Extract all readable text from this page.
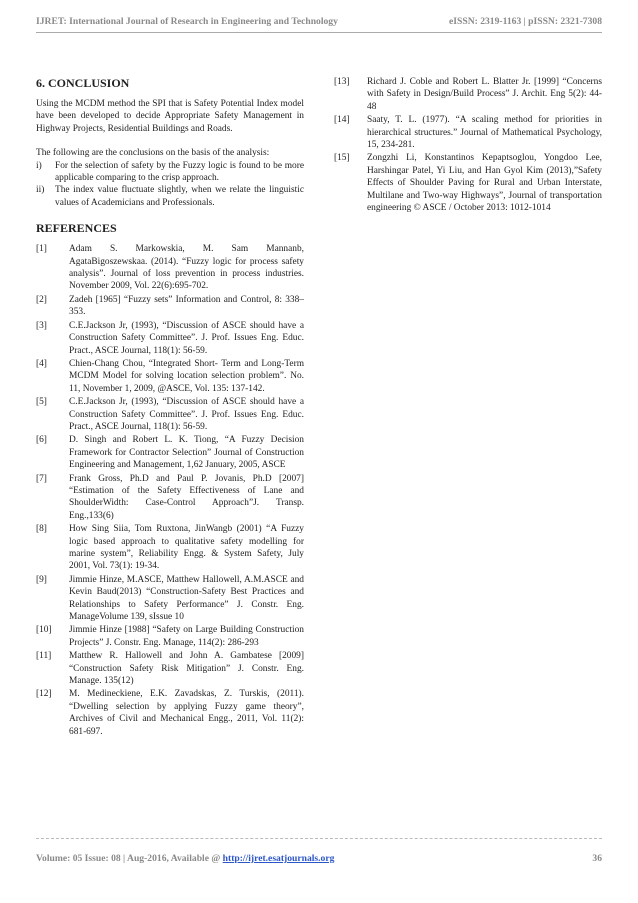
IJRET: International Journal of Research in Engineering and Technology	eISSN: 2319-1163 | pISSN: 2321-7308
6. CONCLUSION

Using the MCDM method the SPI that is Safety Potential Index model have been developed to decide Appropriate Safety Management in Highway Projects, Residential Buildings and Roads.

The following are the conclusions on the basis of the analysis:

i) For the selection of safety by the Fuzzy logic is found to be more applicable comparing to the crisp approach.
ii) The index value fluctuate slightly, when we relate the linguistic values of Academicians and Professionals.
REFERENCES
[1] Adam S. Markowskia, M. Sam Mannanb, AgataBigoszewskaa. (2014). “Fuzzy logic for process safety analysis”. Journal of loss prevention in process industries. November 2009, Vol. 22(6):695-702.
[2] Zadeh [1965] “Fuzzy sets” Information and Control, 8: 338–353.
[3] C.E.Jackson Jr, (1993), “Discussion of ASCE should have a Construction Safety Committee”. J. Prof. Issues Eng. Educ. Pract., ASCE Journal, 118(1): 56-59.
[4] Chien-Chang Chou, “Integrated Short- Term and Long-Term MCDM Model for solving location selection problem”. No. 11, November 1, 2009, @ASCE, Vol. 135: 137-142.
[5] C.E.Jackson Jr, (1993), “Discussion of ASCE should have a Construction Safety Committee”. J. Prof. Issues Eng. Educ. Pract., ASCE Journal, 118(1): 56-59.
[6] D. Singh and Robert L. K. Tiong, “A Fuzzy Decision Framework for Contractor Selection” Journal of Construction Engineering and Management, 1,62 January, 2005, ASCE
[7] Frank Gross, Ph.D and Paul P. Jovanis, Ph.D [2007] “Estimation of the Safety Effectiveness of Lane and ShoulderWidth: Case-Control Approach”J. Transp. Eng.,133(6)
[8] How Sing Siia, Tom Ruxtona, JinWangb (2001) “A Fuzzy logic based approach to qualitative safety modelling for marine system”, Reliability Engg. & System Safety, July 2001, Vol. 73(1): 19-34.
[9] Jimmie Hinze, M.ASCE, Matthew Hallowell, A.M.ASCE and Kevin Baud(2013) “Construction-Safety Best Practices and Relationships to Safety Performance” J. Constr. Eng. ManageVolume 139, sIssue 10
[10] Jimmie Hinze [1988] “Safety on Large Building Construction Projects” J. Constr. Eng. Manage, 114(2): 286-293
[11] Matthew R. Hallowell and John A. Gambatese [2009] “Construction Safety Risk Mitigation” J. Constr. Eng. Manage. 135(12)
[12] M. Medineckiene, E.K. Zavadskas, Z. Turskis, (2011). “Dwelling selection by applying Fuzzy game theory”, Archives of Civil and Mechanical Engg., 2011, Vol. 11(2): 681-697.
[13] Richard J. Coble and Robert L. Blatter Jr. [1999] “Concerns with Safety in Design/Build Process” J. Archit. Eng 5(2): 44-48
[14] Saaty, T. L. (1977). “A scaling method for priorities in hierarchical structures.” Journal of Mathematical Psychology, 15, 234-281.
[15] Zongzhi Li, Konstantinos Kepaptsoglou, Yongdoo Lee, Harshingar Patel, Yi Liu, and Han Gyol Kim (2013),”Safety Effects of Shoulder Paving for Rural and Urban Interstate, Multilane and Two-way Highways”, Journal of transportation engineering © ASCE / October 2013: 1012-1014
Volume: 05 Issue: 08 | Aug-2016, Available @ http://ijret.esatjournals.org	36
